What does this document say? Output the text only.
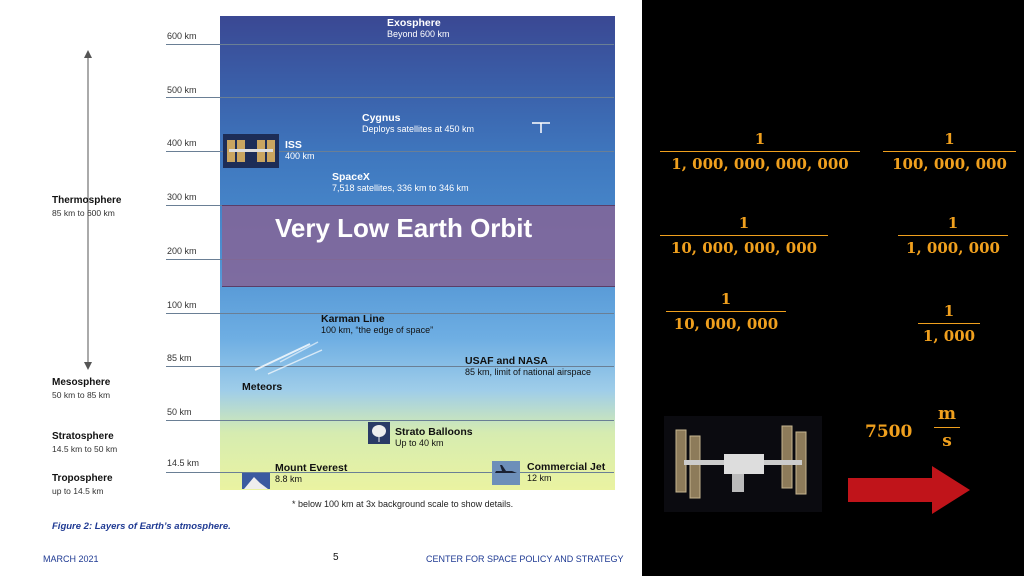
Thermosphere
85 km to 600 km
Mesosphere
50 km to 85 km
Stratosphere
14.5 km to 50 km
Troposphere
up to 14.5 km
600 km
500 km
400 km
300 km
200 km
100 km
85 km
50 km
14.5 km
Exosphere
Beyond 600 km
Cygnus
Deploys satellites at 450 km
ISS
400 km
SpaceX
7,518 satellites, 336 km to 346 km
Very Low Earth Orbit
Karman Line
100 km, “the edge of space”
Meteors
USAF and NASA
85 km, limit of national airspace
Strato Balloons
Up to 40 km
Mount Everest
8.8 km
Commercial Jet
12 km
* below 100 km at 3x background scale to show details.
Figure 2: Layers of Earth’s atmosphere.
MARCH 2021	5	CENTER FOR SPACE POLICY AND STRATEGY
$\frac{1}{1, 000, 000, 000, 000} \frac{1}{100, 000, 000}$
$\frac{1}{10, 000, 000, 000}$	$\frac{1}{1, 000, 000}$
$\frac{1}{10, 000, 000}$	$\frac{1}{1, 000}$
$7500 \frac{m}{s}$
